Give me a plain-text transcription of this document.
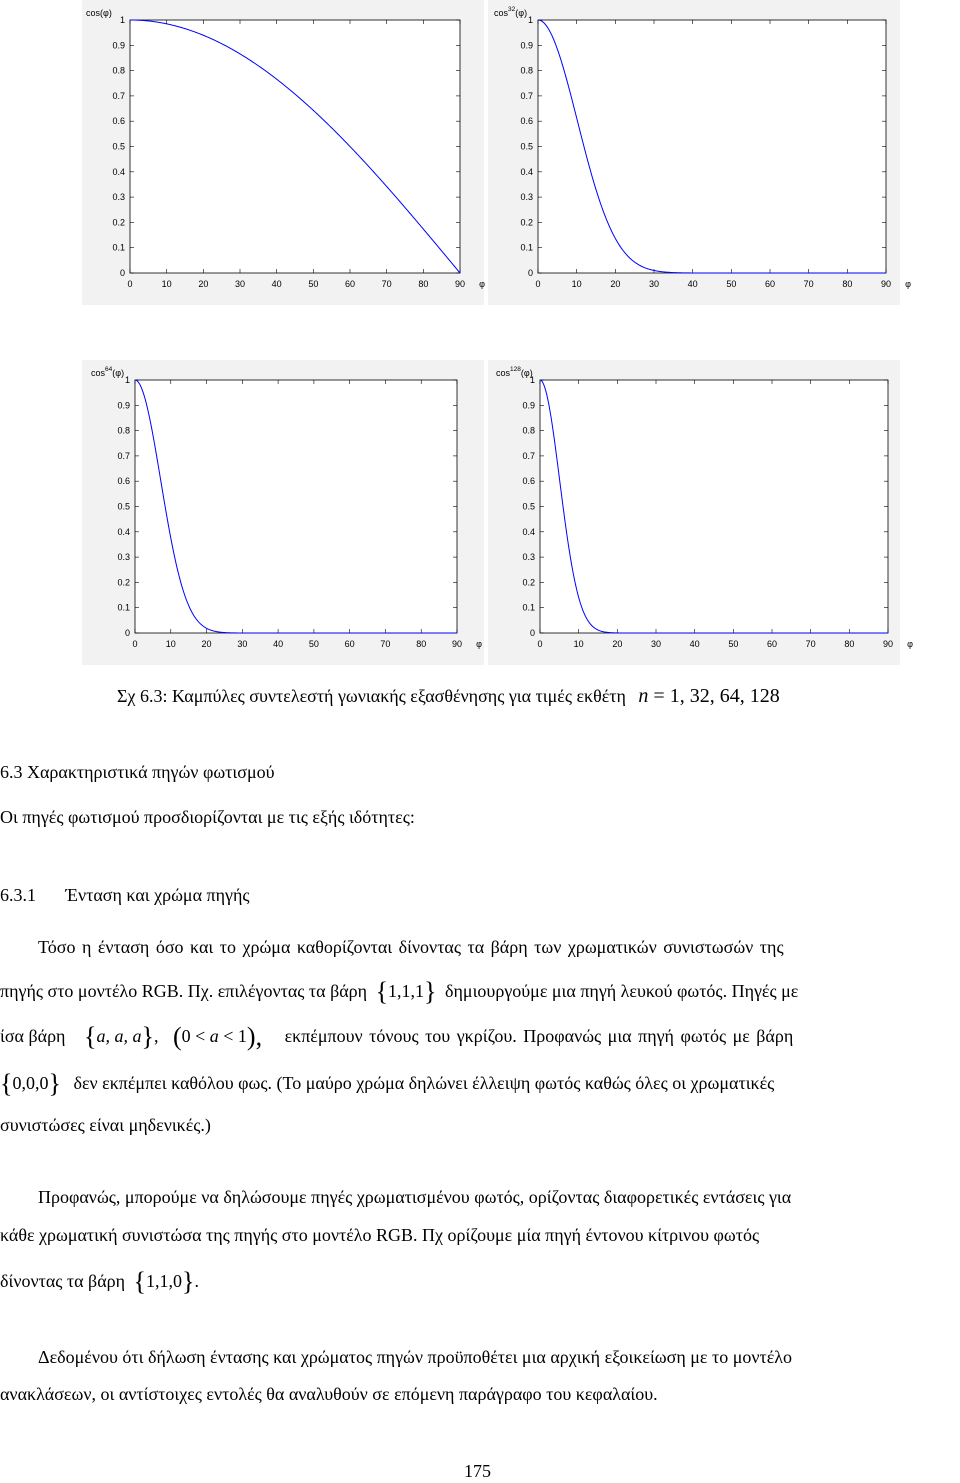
0
0.1
0.2
0.3
0.4
0.5
0.6
0.7
0.8
0.9
1
0	10	20	30	40	50	60	70	80	90 φ
cos(φ)
0
0.1
0.2
0.3
0.4
0.5
0.6
0.7
0.8
0.9
1
0	10	20	30	40	50	60	70	80	90 φ
$\cos^{32}(\varphi)$
0
0.1
0.2
0.3
0.4
0.5
0.6
0.7
0.8
0.9
1
0	10	20	30	40	50	60	70	80	90 φ
$\cos^{64}(\varphi)$
0
0.1
0.2
0.3
0.4
0.5
0.6
0.7
0.8
0.9
1
0	10	20	30	40	50	60	70	80	90 φ
$\cos^{128}(\varphi)$
Σχ 6.3: Καμπύλες συντελεστή γωνιακής εξασθένησης για τιμές εκθέτη n = 1, 32, 64, 128
6.3 Χαρακτηριστικά πηγών φωτισμού
Οι πηγές φωτισμού προσδιορίζονται με τις εξής ιδότητες:
6.3.1 Ένταση και χρώμα πηγής
Τόσο η ένταση όσο και το χρώμα καθορίζονται δίνοντας τα βάρη των χρωματικών συνιστωσών της
πηγής στο μοντέλο RGB. Πχ. επιλέγοντας τα βάρη {1,1,1} δημιουργούμε μια πηγή λευκού φωτός. Πηγές με
ίσα βάρη {a, a, a}, (0 < a < 1), εκπέμπουν τόνους του γκρίζου. Προφανώς μια πηγή φωτός με βάρη
{0,0,0} δεν εκπέμπει καθόλου φως. (Το μαύρο χρώμα δηλώνει έλλειψη φωτός καθώς όλες οι χρωματικές
συνιστώσες είναι μηδενικές.)
Προφανώς, μπορούμε να δηλώσουμε πηγές χρωματισμένου φωτός, ορίζοντας διαφορετικές εντάσεις για
κάθε χρωματική συνιστώσα της πηγής στο μοντέλο RGB. Πχ ορίζουμε μία πηγή έντονου κίτρινου φωτός
δίνοντας τα βάρη {1,1,0}.
Δεδομένου ότι δήλωση έντασης και χρώματος πηγών προϋποθέτει μια αρχική εξοικείωση με το μοντέλο
ανακλάσεων, οι αντίστοιχες εντολές θα αναλυθούν σε επόμενη παράγραφο του κεφαλαίου.
175
